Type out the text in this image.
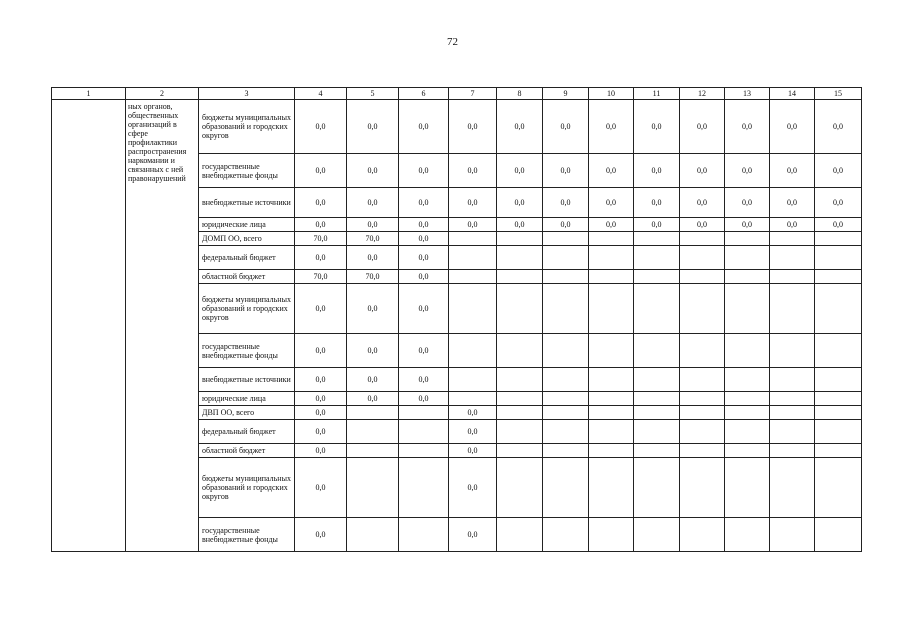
72
1	2	3	4	5	6	7	8	9	10	11	12	13	14	15
	ных органов, общественных организаций в сфере профилактики распространения наркомании и связанных с ней правонарушений	бюджеты муниципальных образований и городских округов	0,0	0,0	0,0	0,0	0,0	0,0	0,0	0,0	0,0	0,0	0,0	0,0
		государственные внебюджетные фонды	0,0	0,0	0,0	0,0	0,0	0,0	0,0	0,0	0,0	0,0	0,0	0,0
		внебюджетные источники	0,0	0,0	0,0	0,0	0,0	0,0	0,0	0,0	0,0	0,0	0,0	0,0
		юридические лица	0,0	0,0	0,0	0,0	0,0	0,0	0,0	0,0	0,0	0,0	0,0	0,0
		ДОМП ОО, всего	70,0	70,0	0,0									
		федеральный бюджет	0,0	0,0	0,0									
		областной бюджет	70,0	70,0	0,0									
		бюджеты муниципальных образований и городских округов	0,0	0,0	0,0									
		государственные внебюджетные фонды	0,0	0,0	0,0									
		внебюджетные источники	0,0	0,0	0,0									
		юридические лица	0,0	0,0	0,0									
		ДВП ОО, всего	0,0			0,0								
		федеральный бюджет	0,0			0,0								
		областной бюджет	0,0			0,0								
		бюджеты муниципальных образований и городских округов	0,0			0,0								
		государственные внебюджетные фонды	0,0			0,0								
